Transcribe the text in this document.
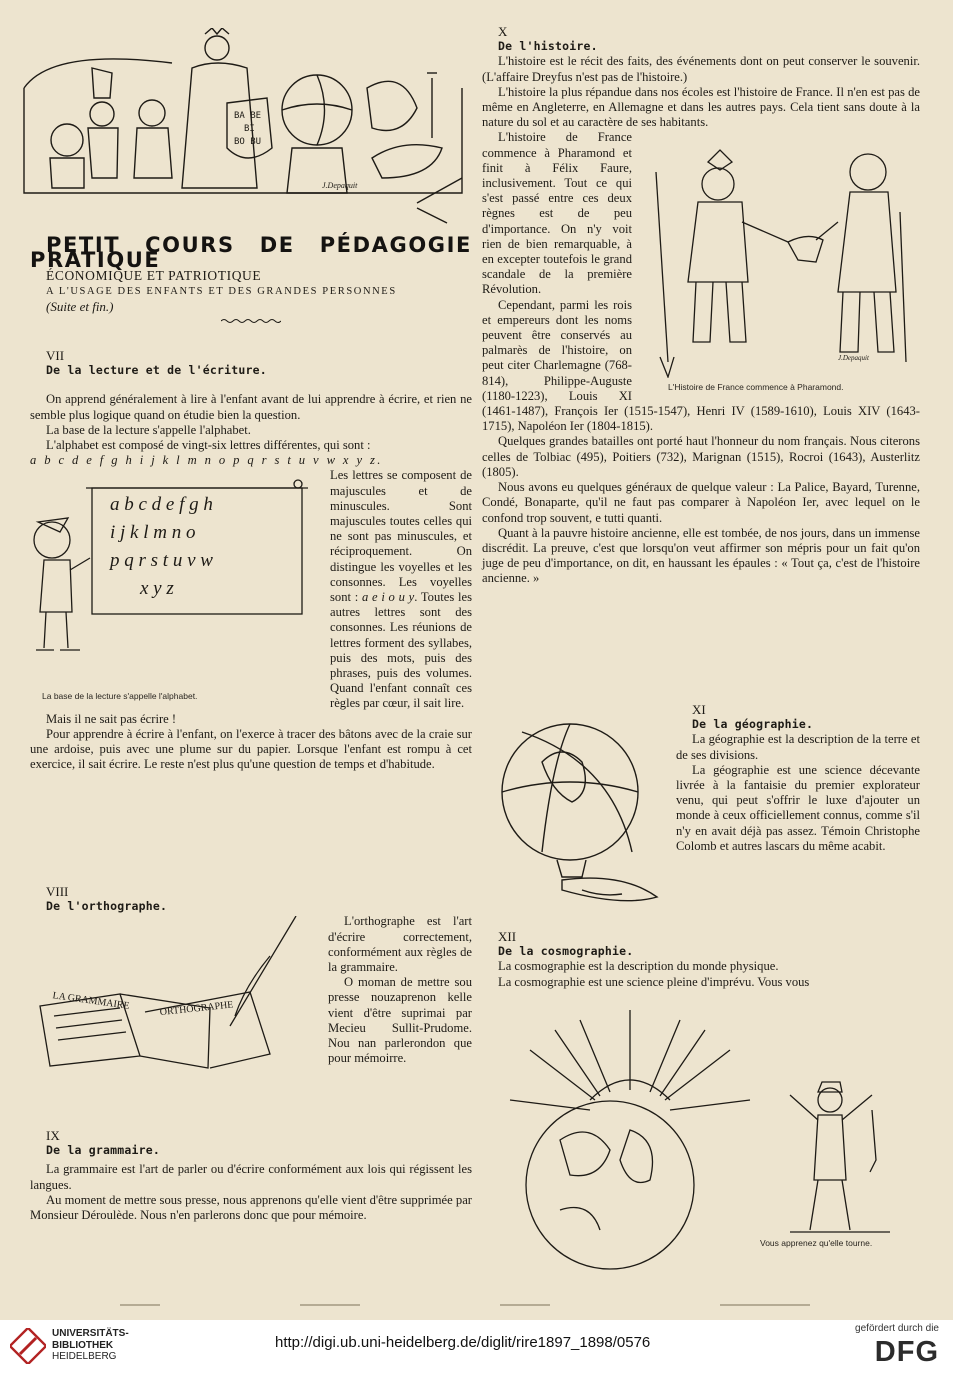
BA BE
BI
BO BU
J.Depaquit

PETIT COURS DE PÉDAGOGIE PRATIQUE

ÉCONOMIQUE ET PATRIOTIQUE

A L'USAGE DES ENFANTS ET DES GRANDES PERSONNES

(Suite et fin.)

VII

De la lecture et de l'écriture.

On apprend généralement à lire à l'enfant avant de lui apprendre à écrire, et rien ne semble plus logique quand on étudie bien la question.

La base de la lecture s'appelle l'alphabet.

L'alphabet est composé de vingt-six lettres différentes, qui sont :

a b c d e f g h i j k l m n o p q r s t u v w x y z.

a b c d e f g h
i j k l m n o
p q r s t u v w
x y z
La base de la lecture s'appelle l'alphabet.

Les lettres se composent de majuscules et de minuscules. Sont majuscules toutes celles qui ne sont pas minuscules, et réciproquement. On distingue les voyelles et les consonnes. Les voyelles sont : a e i o u y. Toutes les autres lettres sont des consonnes. Les réunions de lettres forment des syllabes, puis des mots, puis des phrases, puis des volumes. Quand l'enfant connaît ces règles par cœur, il sait lire.

Mais il ne sait pas écrire !

Pour apprendre à écrire à l'enfant, on l'exerce à tracer des bâtons avec de la craie sur une ardoise, puis avec une plume sur du papier. Lorsque l'enfant est rompu à cet exercice, il sait écrire. Le reste n'est plus qu'une question de temps et d'habitude.

VIII

De l'orthographe.

LA GRAMMAIRE	ORTHOGRAPHE

L'orthographe est l'art d'écrire correctement, conformément aux règles de la grammaire.

O moman de mettre sou presse nouzaprenon kelle vient d'être suprimai par Mecieu Sullit-Prudome. Nou nan parlerondon que pour mémoirre.

IX

De la grammaire.

La grammaire est l'art de parler ou d'écrire conformément aux lois qui régissent les langues.

Au moment de mettre sous presse, nous apprenons qu'elle vient d'être supprimée par Monsieur Déroulède. Nous n'en parlerons donc que pour mémoire.

X

De l'histoire.

L'histoire est le récit des faits, des événements dont on peut conserver le souvenir. (L'affaire Dreyfus n'est pas de l'histoire.)

L'histoire la plus répandue dans nos écoles est l'histoire de France. Il n'en est pas de même en Angleterre, en Allemagne et dans les autres pays. Cela tient sans doute à la nature du sol et au caractère de ses habitants.

J.Depaquit
L'Histoire de France commence à Pharamond.

L'histoire de France commence à Pharamond et finit à Félix Faure, inclusivement. Tout ce qui s'est passé entre ces deux règnes est de peu d'importance. On n'y voit rien de bien remarquable, à en excepter toutefois le grand scandale de la première Révolution.

Cependant, parmi les rois et empereurs dont les noms peuvent être conservés au palmarès de l'histoire, on peut citer Charlemagne (768-814), Philippe-Auguste (1180-1223), Louis XI (1461-1487), François Ier (1515-1547), Henri IV (1589-1610), Louis XIV (1643-1715), Napoléon Ier (1804-1815).

Quelques grandes batailles ont porté haut l'honneur du nom français. Nous citerons celles de Tolbiac (495), Poitiers (732), Marignan (1515), Rocroi (1643), Austerlitz (1805).

Nous avons eu quelques généraux de quelque valeur : La Palice, Bayard, Turenne, Condé, Bonaparte, qu'il ne faut pas comparer à Napoléon Ier, avec lequel on le confond trop souvent, e tutti quanti.

Quant à la pauvre histoire ancienne, elle est tombée, de nos jours, dans un immense discrédit. La preuve, c'est que lorsqu'on veut affirmer son mépris pour un fait qu'on juge de peu d'importance, on dit, en haussant les épaules : « Tout ça, c'est de l'histoire ancienne. »

XI

De la géographie.

La géographie est la description de la terre et de ses divisions.

La géographie est une science décevante livrée à la fantaisie du premier explorateur venu, qui peut s'offrir le luxe d'ajouter un monde à ceux officiellement connus, comme s'il n'y en avait déjà pas assez. Témoin Christophe Colomb et autres lascars du même acabit.

XII

De la cosmographie.

La cosmographie est la description du monde physique.

La cosmographie est une science pleine d'imprévu. Vous vous

Vous apprenez qu'elle tourne.
UNIVERSITÄTS-
BIBLIOTHEK
HEIDELBERG
http://digi.ub.uni-heidelberg.de/diglit/rire1897_1898/0576
gefördert durch die
DFG
